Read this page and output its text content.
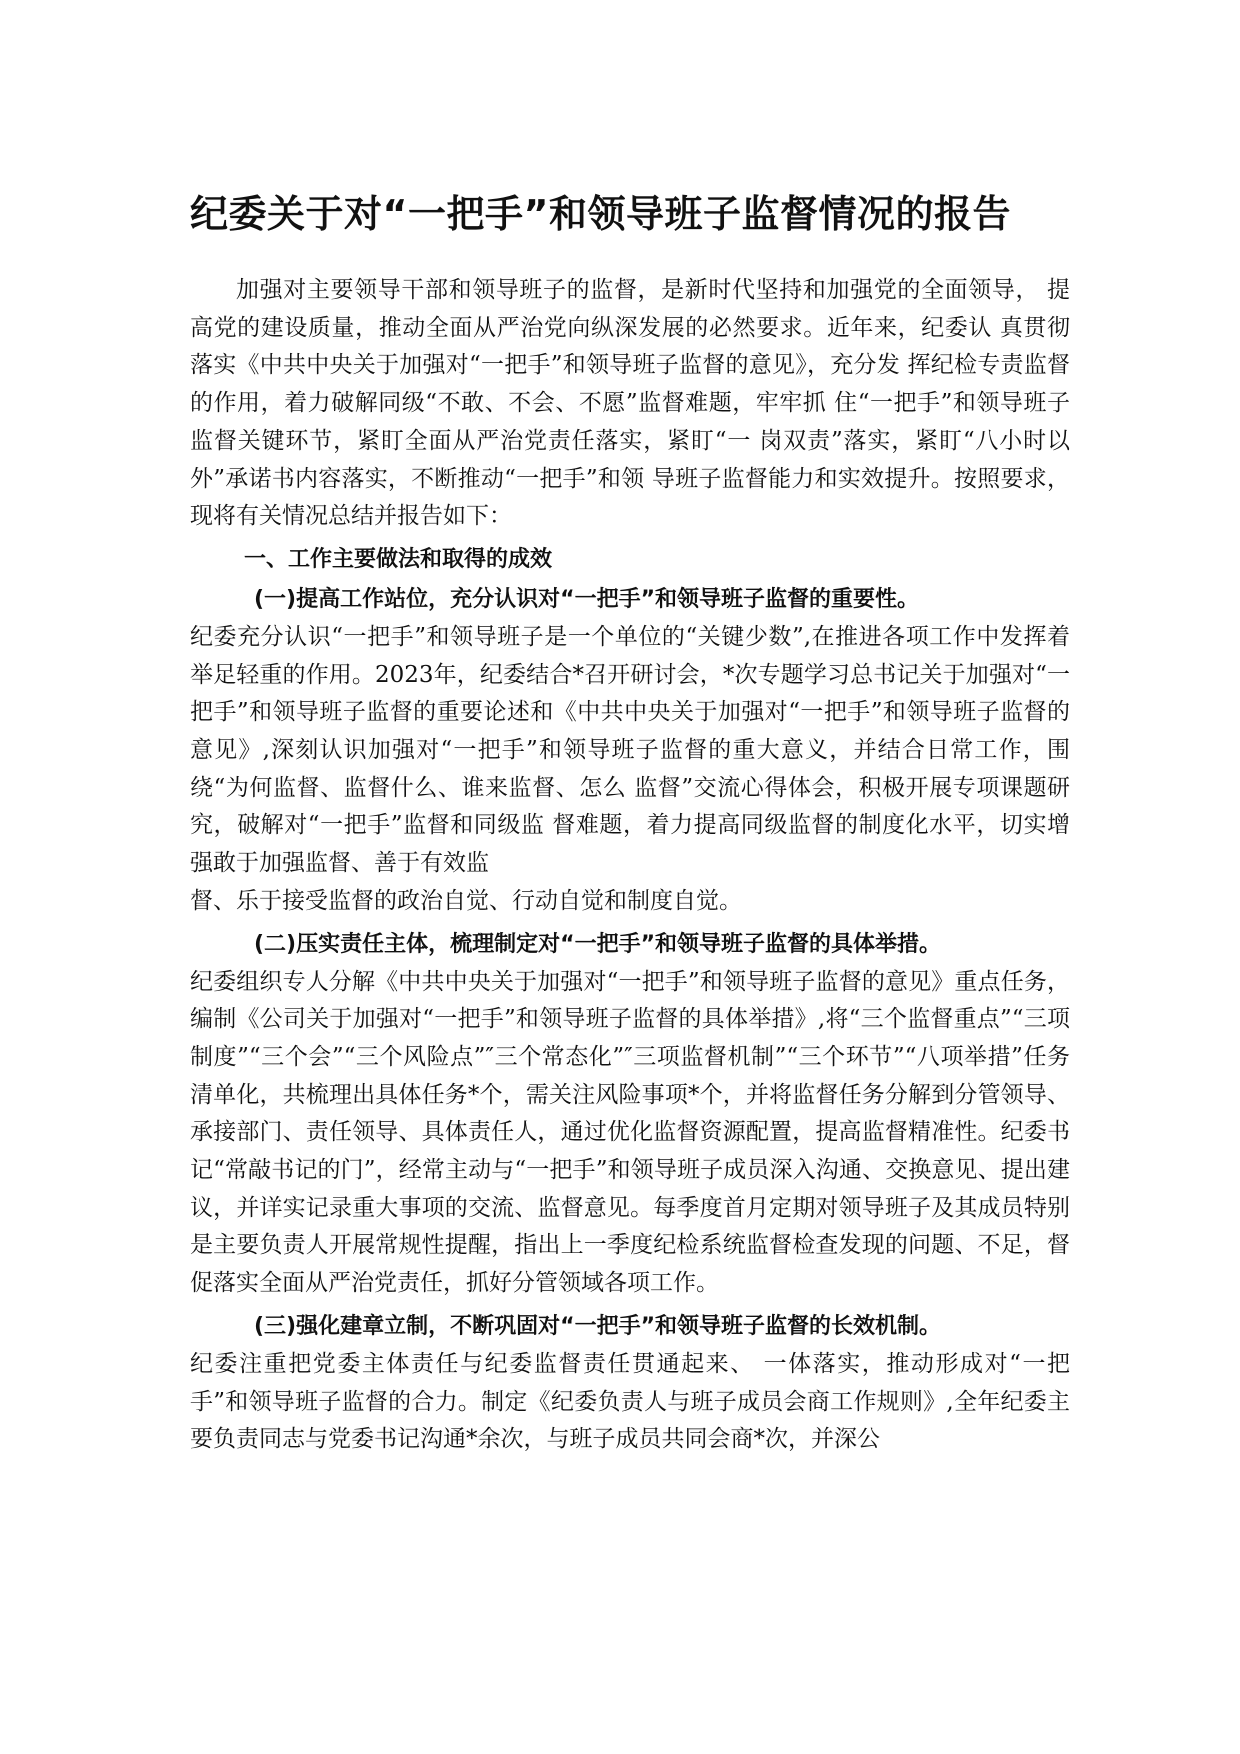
纪委关于对“一把手”和领导班子监督情况的报告

加强对主要领导干部和领导班子的监督，是新时代坚持和加强党的全面领导， 提高党的建设质量，推动全面从严治党向纵深发展的必然要求。近年来，纪委认 真贯彻落实《中共中央关于加强对“一把手”和领导班子监督的意见》，充分发 挥纪检专责监督的作用，着力破解同级“不敢、不会、不愿”监督难题，牢牢抓 住“一把手”和领导班子监督关键环节，紧盯全面从严治党责任落实，紧盯“一 岗双责”落实，紧盯“八小时以外”承诺书内容落实，不断推动“一把手”和领 导班子监督能力和实效提升。按照要求，现将有关情况总结并报告如下：

一、工作主要做法和取得的成效
(一)提高工作站位，充分认识对“一把手”和领导班子监督的重要性。

纪委充分认识“一把手”和领导班子是一个单位的“关键少数”,在推进各项工作中发挥着举足轻重的作用。2023年，纪委结合*召开研讨会，*次专题学习总书记关于加强对“一把手”和领导班子监督的重要论述和《中共中央关于加强对“一把手”和领导班子监督的意见》,深刻认识加强对“一把手”和领导班子监督的重大意义，并结合日常工作，围绕“为何监督、监督什么、谁来监督、怎么 监督”交流心得体会，积极开展专项课题研究，破解对“一把手”监督和同级监 督难题，着力提高同级监督的制度化水平，切实增强敢于加强监督、善于有效监

督、乐于接受监督的政治自觉、行动自觉和制度自觉。

(二)压实责任主体，梳理制定对“一把手”和领导班子监督的具体举措。

纪委组织专人分解《中共中央关于加强对“一把手”和领导班子监督的意见》重点任务，编制《公司关于加强对“一把手”和领导班子监督的具体举措》,将“三个监督重点”“三项制度”“三个会”“三个风险点”″三个常态化”″三项监督机制”“三个环节”“八项举措”任务清单化，共梳理出具体任务*个，需关注风险事项*个，并将监督任务分解到分管领导、承接部门、责任领导、具体责任人，通过优化监督资源配置，提高监督精准性。纪委书记“常敲书记的门”，经常主动与“一把手”和领导班子成员深入沟通、交换意见、提出建议，并详实记录重大事项的交流、监督意见。每季度首月定期对领导班子及其成员特别是主要负责人开展常规性提醒，指出上一季度纪检系统监督检查发现的问题、不足，督促落实全面从严治党责任，抓好分管领域各项工作。

(三)强化建章立制，不断巩固对“一把手”和领导班子监督的长效机制。

纪委注重把党委主体责任与纪委监督责任贯通起来、 一体落实，推动形成对“一把手”和领导班子监督的合力。制定《纪委负责人与班子成员会商工作规则》,全年纪委主要负责同志与党委书记沟通*余次，与班子成员共同会商*次，并深公
